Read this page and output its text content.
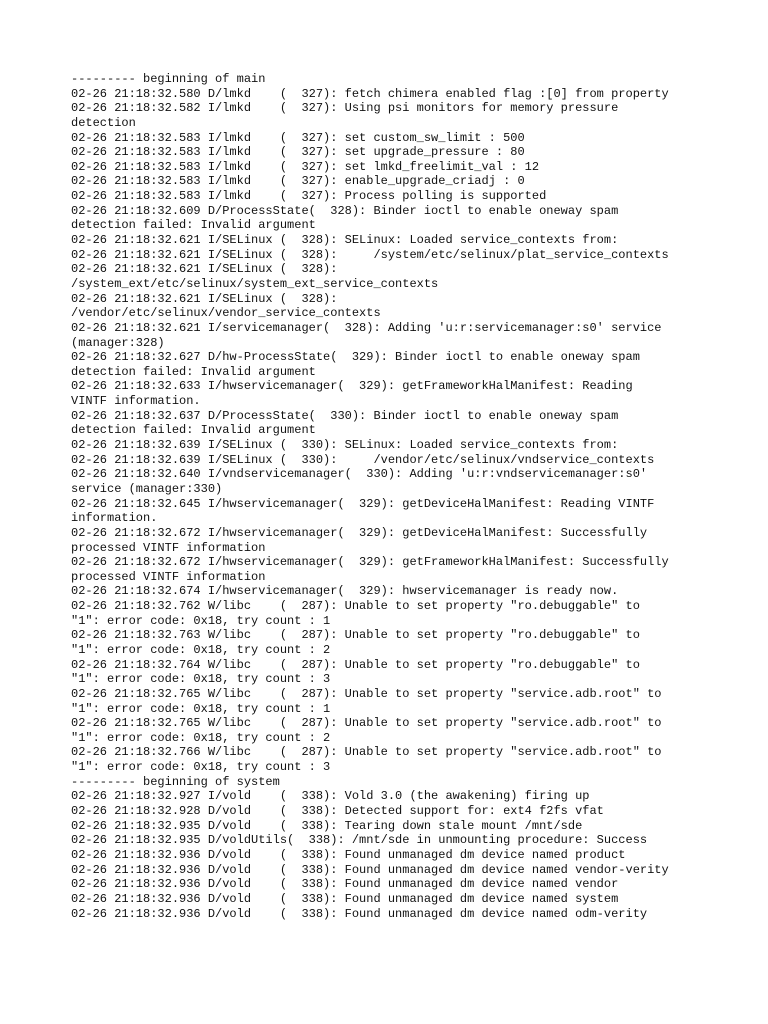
--------- beginning of main
02-26 21:18:32.580 D/lmkd    (  327): fetch chimera enabled flag :[0] from property
02-26 21:18:32.582 I/lmkd    (  327): Using psi monitors for memory pressure
detection
02-26 21:18:32.583 I/lmkd    (  327): set custom_sw_limit : 500
02-26 21:18:32.583 I/lmkd    (  327): set upgrade_pressure : 80
02-26 21:18:32.583 I/lmkd    (  327): set lmkd_freelimit_val : 12
02-26 21:18:32.583 I/lmkd    (  327): enable_upgrade_criadj : 0
02-26 21:18:32.583 I/lmkd    (  327): Process polling is supported
02-26 21:18:32.609 D/ProcessState(  328): Binder ioctl to enable oneway spam
detection failed: Invalid argument
02-26 21:18:32.621 I/SELinux (  328): SELinux: Loaded service_contexts from:
02-26 21:18:32.621 I/SELinux (  328):     /system/etc/selinux/plat_service_contexts
02-26 21:18:32.621 I/SELinux (  328):
/system_ext/etc/selinux/system_ext_service_contexts
02-26 21:18:32.621 I/SELinux (  328):
/vendor/etc/selinux/vendor_service_contexts
02-26 21:18:32.621 I/servicemanager(  328): Adding 'u:r:servicemanager:s0' service
(manager:328)
02-26 21:18:32.627 D/hw-ProcessState(  329): Binder ioctl to enable oneway spam
detection failed: Invalid argument
02-26 21:18:32.633 I/hwservicemanager(  329): getFrameworkHalManifest: Reading
VINTF information.
02-26 21:18:32.637 D/ProcessState(  330): Binder ioctl to enable oneway spam
detection failed: Invalid argument
02-26 21:18:32.639 I/SELinux (  330): SELinux: Loaded service_contexts from:
02-26 21:18:32.639 I/SELinux (  330):     /vendor/etc/selinux/vndservice_contexts
02-26 21:18:32.640 I/vndservicemanager(  330): Adding 'u:r:vndservicemanager:s0'
service (manager:330)
02-26 21:18:32.645 I/hwservicemanager(  329): getDeviceHalManifest: Reading VINTF
information.
02-26 21:18:32.672 I/hwservicemanager(  329): getDeviceHalManifest: Successfully
processed VINTF information
02-26 21:18:32.672 I/hwservicemanager(  329): getFrameworkHalManifest: Successfully
processed VINTF information
02-26 21:18:32.674 I/hwservicemanager(  329): hwservicemanager is ready now.
02-26 21:18:32.762 W/libc    (  287): Unable to set property "ro.debuggable" to
"1": error code: 0x18, try count : 1
02-26 21:18:32.763 W/libc    (  287): Unable to set property "ro.debuggable" to
"1": error code: 0x18, try count : 2
02-26 21:18:32.764 W/libc    (  287): Unable to set property "ro.debuggable" to
"1": error code: 0x18, try count : 3
02-26 21:18:32.765 W/libc    (  287): Unable to set property "service.adb.root" to
"1": error code: 0x18, try count : 1
02-26 21:18:32.765 W/libc    (  287): Unable to set property "service.adb.root" to
"1": error code: 0x18, try count : 2
02-26 21:18:32.766 W/libc    (  287): Unable to set property "service.adb.root" to
"1": error code: 0x18, try count : 3
--------- beginning of system
02-26 21:18:32.927 I/vold    (  338): Vold 3.0 (the awakening) firing up
02-26 21:18:32.928 D/vold    (  338): Detected support for: ext4 f2fs vfat
02-26 21:18:32.935 D/vold    (  338): Tearing down stale mount /mnt/sde
02-26 21:18:32.935 D/voldUtils(  338): /mnt/sde in unmounting procedure: Success
02-26 21:18:32.936 D/vold    (  338): Found unmanaged dm device named product
02-26 21:18:32.936 D/vold    (  338): Found unmanaged dm device named vendor-verity
02-26 21:18:32.936 D/vold    (  338): Found unmanaged dm device named vendor
02-26 21:18:32.936 D/vold    (  338): Found unmanaged dm device named system
02-26 21:18:32.936 D/vold    (  338): Found unmanaged dm device named odm-verity
